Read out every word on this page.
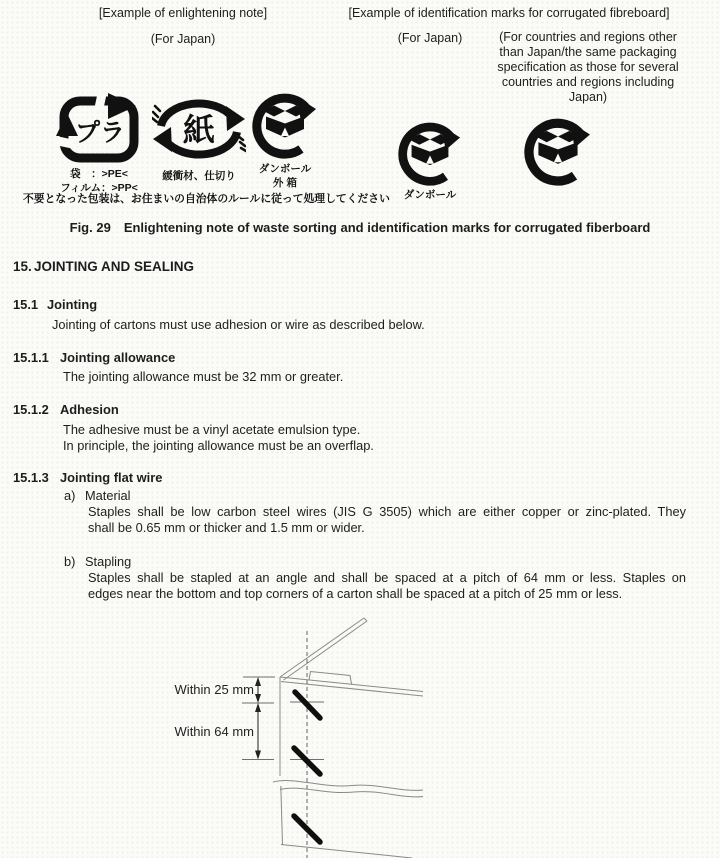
[Example of enlightening note]
(For Japan)
[Example of identification marks for corrugated fibreboard]
(For Japan)	(For countries and regions other than Japan/the same packaging specification as those for several countries and regions including Japan)
プラ
袋　：>PE<
フィルム：>PP<
紙
緩衝材、仕切り
ダンボール
外 箱
ダンボール
不要となった包装は、お住まいの自治体のルールに従って処理してください
Fig. 29 Enlightening note of waste sorting and identification marks for corrugated fiberboard
15. JOINTING AND SEALING
15.1 Jointing
Jointing of cartons must use adhesion or wire as described below.
15.1.1 Jointing allowance
The jointing allowance must be 32 mm or greater.
15.1.2 Adhesion
The adhesive must be a vinyl acetate emulsion type.
In principle, the jointing allowance must be an overflap.
15.1.3 Jointing flat wire
a) Material
Staples shall be low carbon steel wires (JIS G 3505) which are either copper or zinc-plated. They
shall be 0.65 mm or thicker and 1.5 mm or wider.
b) Stapling
Staples shall be stapled at an angle and shall be spaced at a pitch of 64 mm or less. Staples on
edges near the bottom and top corners of a carton shall be spaced at a pitch of 25 mm or less.
Within 25 mm
Within 64 mm
